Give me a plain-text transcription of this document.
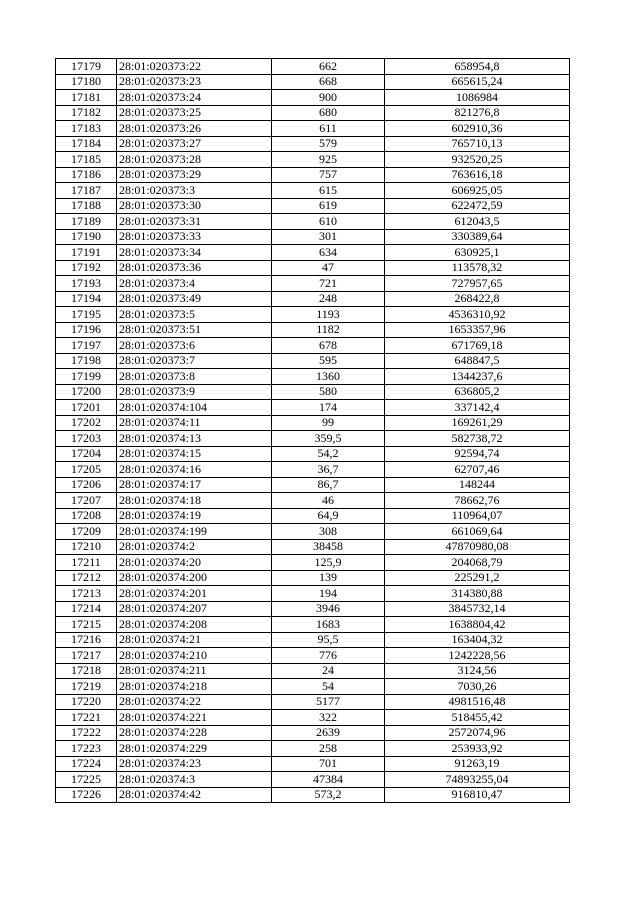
17179	28:01:020373:22	662	658954,8
17180	28:01:020373:23	668	665615,24
17181	28:01:020373:24	900	1086984
17182	28:01:020373:25	680	821276,8
17183	28:01:020373:26	611	602910,36
17184	28:01:020373:27	579	765710,13
17185	28:01:020373:28	925	932520,25
17186	28:01:020373:29	757	763616,18
17187	28:01:020373:3	615	606925,05
17188	28:01:020373:30	619	622472,59
17189	28:01:020373:31	610	612043,5
17190	28:01:020373:33	301	330389,64
17191	28:01:020373:34	634	630925,1
17192	28:01:020373:36	47	113578,32
17193	28:01:020373:4	721	727957,65
17194	28:01:020373:49	248	268422,8
17195	28:01:020373:5	1193	4536310,92
17196	28:01:020373:51	1182	1653357,96
17197	28:01:020373:6	678	671769,18
17198	28:01:020373:7	595	648847,5
17199	28:01:020373:8	1360	1344237,6
17200	28:01:020373:9	580	636805,2
17201	28:01:020374:104	174	337142,4
17202	28:01:020374:11	99	169261,29
17203	28:01:020374:13	359,5	582738,72
17204	28:01:020374:15	54,2	92594,74
17205	28:01:020374:16	36,7	62707,46
17206	28:01:020374:17	86,7	148244
17207	28:01:020374:18	46	78662,76
17208	28:01:020374:19	64,9	110964,07
17209	28:01:020374:199	308	661069,64
17210	28:01:020374:2	38458	47870980,08
17211	28:01:020374:20	125,9	204068,79
17212	28:01:020374:200	139	225291,2
17213	28:01:020374:201	194	314380,88
17214	28:01:020374:207	3946	3845732,14
17215	28:01:020374:208	1683	1638804,42
17216	28:01:020374:21	95,5	163404,32
17217	28:01:020374:210	776	1242228,56
17218	28:01:020374:211	24	3124,56
17219	28:01:020374:218	54	7030,26
17220	28:01:020374:22	5177	4981516,48
17221	28:01:020374:221	322	518455,42
17222	28:01:020374:228	2639	2572074,96
17223	28:01:020374:229	258	253933,92
17224	28:01:020374:23	701	91263,19
17225	28:01:020374:3	47384	74893255,04
17226	28:01:020374:42	573,2	916810,47
